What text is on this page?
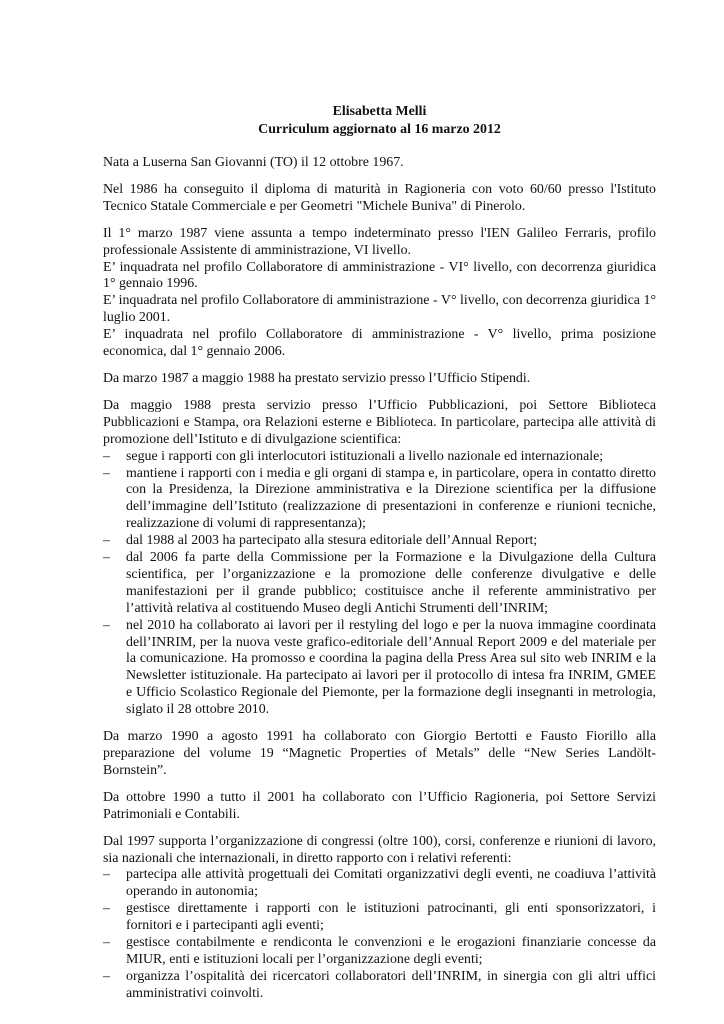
Elisabetta Melli
Curriculum aggiornato al 16 marzo 2012
Nata a Luserna San Giovanni (TO) il 12 ottobre 1967.
Nel 1986 ha conseguito il diploma di maturità in Ragioneria con voto 60/60 presso l'Istituto Tecnico Statale Commerciale e per Geometri "Michele Buniva" di Pinerolo.

Il 1° marzo 1987 viene assunta a tempo indeterminato presso l'IEN Galileo Ferraris, profilo professionale Assistente di amministrazione, VI livello.

E’ inquadrata nel profilo Collaboratore di amministrazione - VI° livello, con decorrenza giuridica 1° gennaio 1996.

E’ inquadrata nel profilo Collaboratore di amministrazione - V° livello, con decorrenza giuridica 1° luglio 2001.

E’ inquadrata nel profilo Collaboratore di amministrazione - V° livello, prima posizione economica, dal 1° gennaio 2006.

Da marzo 1987 a maggio 1988 ha prestato servizio presso l’Ufficio Stipendi.

Da maggio 1988 presta servizio presso l’Ufficio Pubblicazioni, poi Settore Biblioteca Pubblicazioni e Stampa, ora Relazioni esterne e Biblioteca. In particolare, partecipa alle attività di promozione dell’Istituto e di divulgazione scientifica:

– segue i rapporti con gli interlocutori istituzionali a livello nazionale ed internazionale;
– mantiene i rapporti con i media e gli organi di stampa e, in particolare, opera in contatto diretto con la Presidenza, la Direzione amministrativa e la Direzione scientifica per la diffusione dell’immagine dell’Istituto (realizzazione di presentazioni in conferenze e riunioni tecniche, realizzazione di volumi di rappresentanza);
– dal 1988 al 2003 ha partecipato alla stesura editoriale dell’Annual Report;
– dal 2006 fa parte della Commissione per la Formazione e la Divulgazione della Cultura scientifica, per l’organizzazione e la promozione delle conferenze divulgative e delle manifestazioni per il grande pubblico; costituisce anche il referente amministrativo per l’attività relativa al costituendo Museo degli Antichi Strumenti dell’INRIM;
– nel 2010 ha collaborato ai lavori per il restyling del logo e per la nuova immagine coordinata dell’INRIM, per la nuova veste grafico-editoriale dell’Annual Report 2009 e del materiale per la comunicazione. Ha promosso e coordina la pagina della Press Area sul sito web INRIM e la Newsletter istituzionale. Ha partecipato ai lavori per il protocollo di intesa fra INRIM, GMEE e Ufficio Scolastico Regionale del Piemonte, per la formazione degli insegnanti in metrologia, siglato il 28 ottobre 2010.
Da marzo 1990 a agosto 1991 ha collaborato con Giorgio Bertotti e Fausto Fiorillo alla preparazione del volume 19 “Magnetic Properties of Metals” delle “New Series Landölt-Bornstein”.
Da ottobre 1990 a tutto il 2001 ha collaborato con l’Ufficio Ragioneria, poi Settore Servizi Patrimoniali e Contabili.

Dal 1997 supporta l’organizzazione di congressi (oltre 100), corsi, conferenze e riunioni di lavoro, sia nazionali che internazionali, in diretto rapporto con i relativi referenti:

– partecipa alle attività progettuali dei Comitati organizzativi degli eventi, ne coadiuva l’attività operando in autonomia;
– gestisce direttamente i rapporti con le istituzioni patrocinanti, gli enti sponsorizzatori, i fornitori e i partecipanti agli eventi;
– gestisce contabilmente e rendiconta le convenzioni e le erogazioni finanziarie concesse da MIUR, enti e istituzioni locali per l’organizzazione degli eventi;
– organizza l’ospitalità dei ricercatori collaboratori dell’INRIM, in sinergia con gli altri uffici amministrativi coinvolti.
